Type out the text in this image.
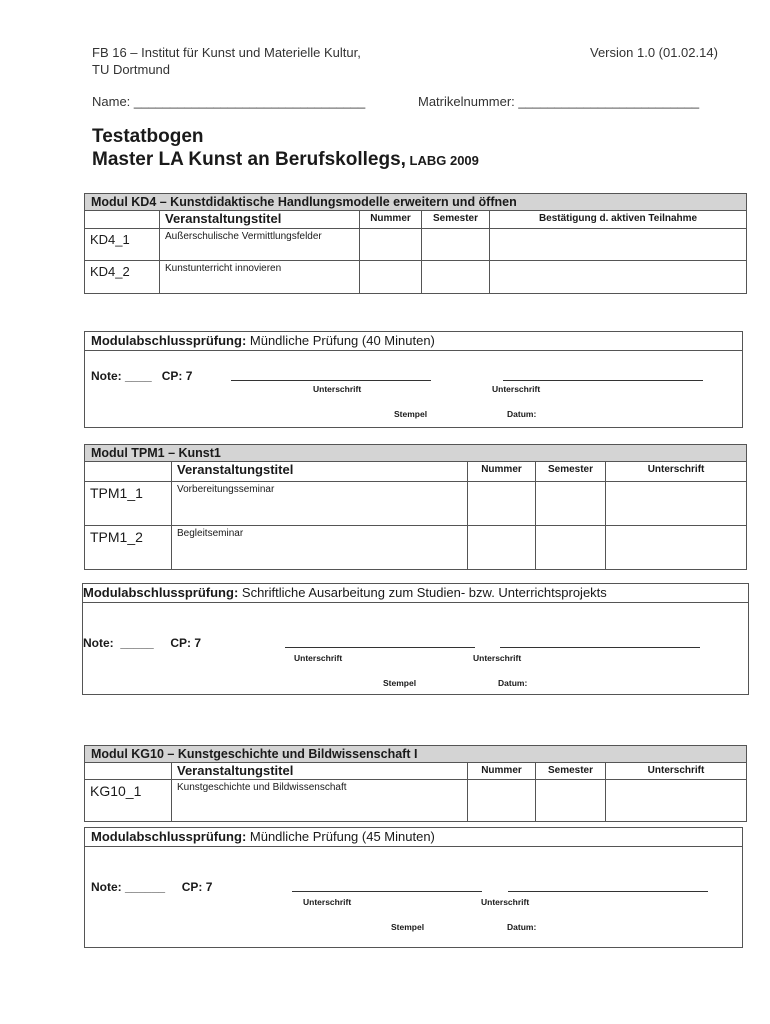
FB 16 – Institut für Kunst und Materielle Kultur,
TU Dortmund
Version 1.0 (01.02.14)
Name: ________________________________	Matrikelnummer: _________________________
Testatbogen
Master LA Kunst an Berufskollegs, LABG 2009
Modul KD4 – Kunstdidaktische Handlungsmodelle erweitern und öffnen				
	Veranstaltungstitel	Nummer	Semester	Bestätigung d. aktiven Teilnahme
KD4_1	Außerschulische Vermittlungsfelder			
KD4_2	Kunstunterricht innovieren			
Modulabschlussprüfung: Mündliche Prüfung (40 Minuten)
Note: ____   CP: 7
Unterschrift	Unterschrift
Stempel	Datum:
Modul TPM1 – Kunst1				
	Veranstaltungstitel	Nummer	Semester	Unterschrift
TPM1_1	Vorbereitungsseminar			
TPM1_2	Begleitseminar			
Modulabschlussprüfung: Schriftliche Ausarbeitung zum Studien- bzw. Unterrichtsprojekts
Note:  _____     CP: 7
Unterschrift	Unterschrift
Stempel	Datum:
Modul KG10 – Kunstgeschichte und Bildwissenschaft I				
	Veranstaltungstitel	Nummer	Semester	Unterschrift
KG10_1	Kunstgeschichte und Bildwissenschaft			
Modulabschlussprüfung: Mündliche Prüfung (45 Minuten)
Note: ______     CP: 7
Unterschrift	Unterschrift
Stempel	Datum:
